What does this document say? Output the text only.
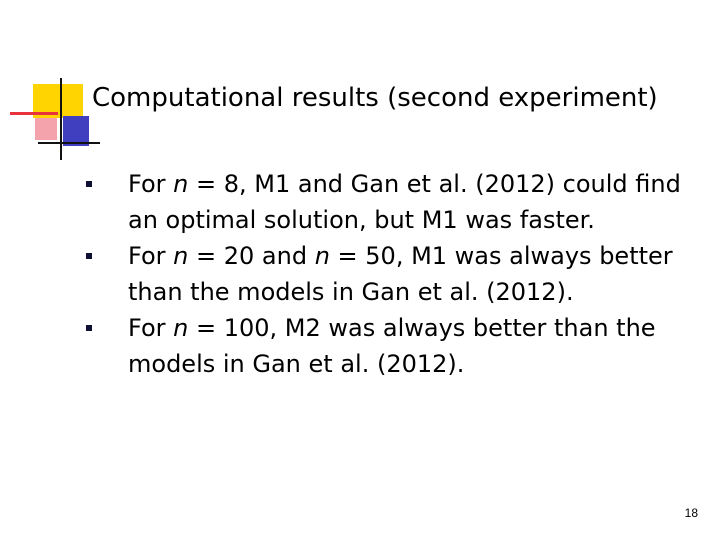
Computational results (second experiment)
For n = 8, M1 and Gan et al. (2012) could find an optimal solution, but M1 was faster.
For n = 20 and n = 50, M1 was always better than the models in Gan et al. (2012).
For n = 100, M2 was always better than the models in Gan et al. (2012).
18
